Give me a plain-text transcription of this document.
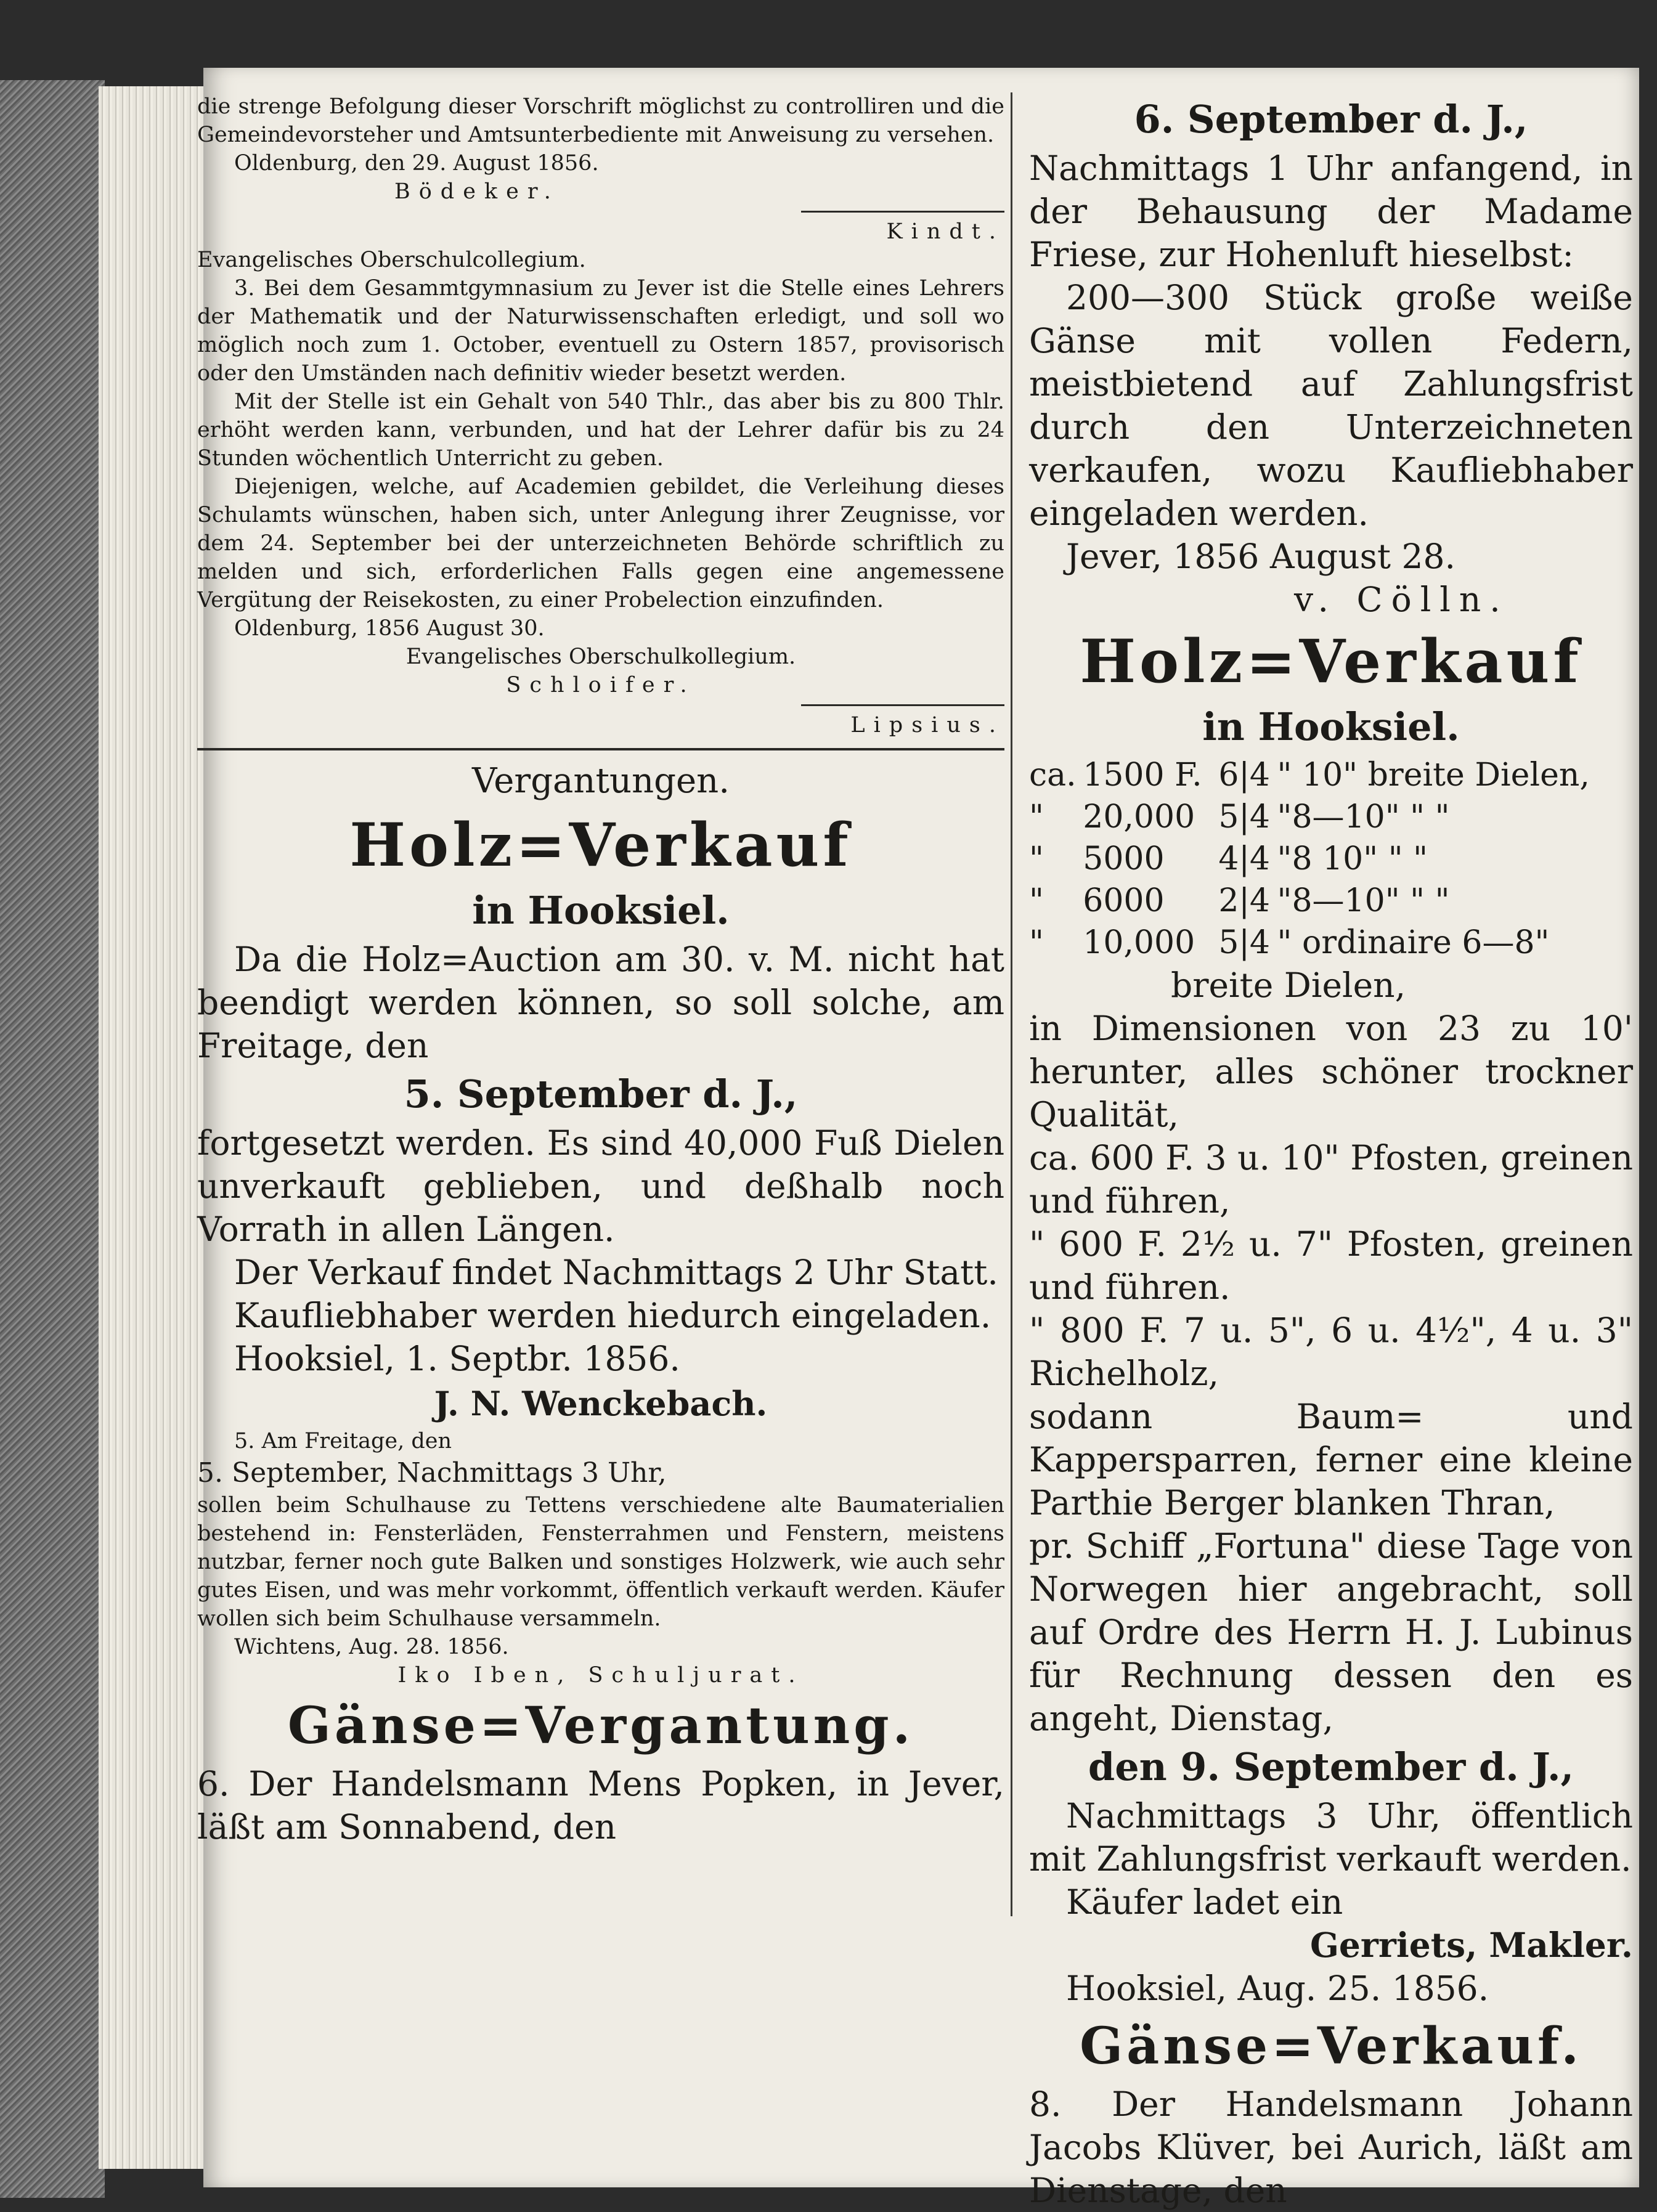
die strenge Befolgung dieser Vorschrift möglichst zu controlliren und die Gemeindevorsteher und Amtsunterbediente mit Anweisung zu versehen.

Oldenburg, den 29. August 1856.

Bödeker.

Kindt.

Evangelisches Oberschulcollegium.

3. Bei dem Gesammtgymnasium zu Jever ist die Stelle eines Lehrers der Mathematik und der Naturwissenschaften erledigt, und soll wo möglich noch zum 1. October, eventuell zu Ostern 1857, provisorisch oder den Umständen nach definitiv wieder besetzt werden.

Mit der Stelle ist ein Gehalt von 540 Thlr., das aber bis zu 800 Thlr. erhöht werden kann, verbunden, und hat der Lehrer dafür bis zu 24 Stunden wöchentlich Unterricht zu geben.

Diejenigen, welche, auf Academien gebildet, die Verleihung dieses Schulamts wünschen, haben sich, unter Anlegung ihrer Zeugnisse, vor dem 24. September bei der unterzeichneten Behörde schriftlich zu melden und sich, erforderlichen Falls gegen eine angemessene Vergütung der Reisekosten, zu einer Probelection einzufinden.

Oldenburg, 1856 August 30.

Evangelisches Oberschulkollegium.

Schloifer.

Lipsius.

Vergantungen.
Holz=Verkauf
in Hooksiel.

Da die Holz=Auction am 30. v. M. nicht hat beendigt werden können, so soll solche, am Freitage, den

5. September d. J.,

fortgesetzt werden. Es sind 40,000 Fuß Dielen unverkauft geblieben, und deßhalb noch Vorrath in allen Längen.

Der Verkauf findet Nachmittags 2 Uhr Statt.

Kaufliebhaber werden hiedurch eingeladen.

Hooksiel, 1. Septbr. 1856.

J. N. Wenckebach.

5. Am Freitage, den

5. September, Nachmittags 3 Uhr,

sollen beim Schulhause zu Tettens verschiedene alte Baumaterialien bestehend in: Fensterläden, Fensterrahmen und Fenstern, meistens nutzbar, ferner noch gute Balken und sonstiges Holzwerk, wie auch sehr gutes Eisen, und was mehr vorkommt, öffentlich verkauft werden. Käufer wollen sich beim Schulhause versammeln.

Wichtens, Aug. 28. 1856.

Iko Iben, Schuljurat.

Gänse=Vergantung.

6. Der Handelsmann Mens Popken, in Jever, läßt am Sonnabend, den

6. September d. J.,

Nachmittags 1 Uhr anfangend, in der Behausung der Madame Friese, zur Hohenluft hieselbst:

200—300 Stück große weiße Gänse mit vollen Federn, meistbietend auf Zahlungsfrist durch den Unterzeichneten verkaufen, wozu Kaufliebhaber eingeladen werden.

Jever, 1856 August 28.

v. Cölln.

Holz=Verkauf
in Hooksiel.
ca.	1500 F.	6|4	" 10" breite Dielen,
"	20,000	5|4	"8—10" " "
"	5000	4|4	"8 10" " "
"	6000	2|4	"8—10" " "
"	10,000	5|4	" ordinaire 6—8"

breite Dielen,

in Dimensionen von 23 zu 10' herunter, alles schöner trockner Qualität,

ca. 600 F. 3 u. 10" Pfosten, greinen und führen,

" 600 F. 2½ u. 7" Pfosten, greinen und führen.

" 800 F. 7 u. 5", 6 u. 4½", 4 u. 3" Richelholz,

sodann Baum= und Kappersparren, ferner eine kleine Parthie Berger blanken Thran,

pr. Schiff „Fortuna" diese Tage von Norwegen hier angebracht, soll auf Ordre des Herrn H. J. Lubinus für Rechnung dessen den es angeht, Dienstag,

den 9. September d. J.,

Nachmittags 3 Uhr, öffentlich mit Zahlungsfrist verkauft werden.

Käufer ladet ein

Gerriets, Makler.

Hooksiel, Aug. 25. 1856.

Gänse=Verkauf.

8. Der Handelsmann Johann Jacobs Klüver, bei Aurich, läßt am Dienstage, den
